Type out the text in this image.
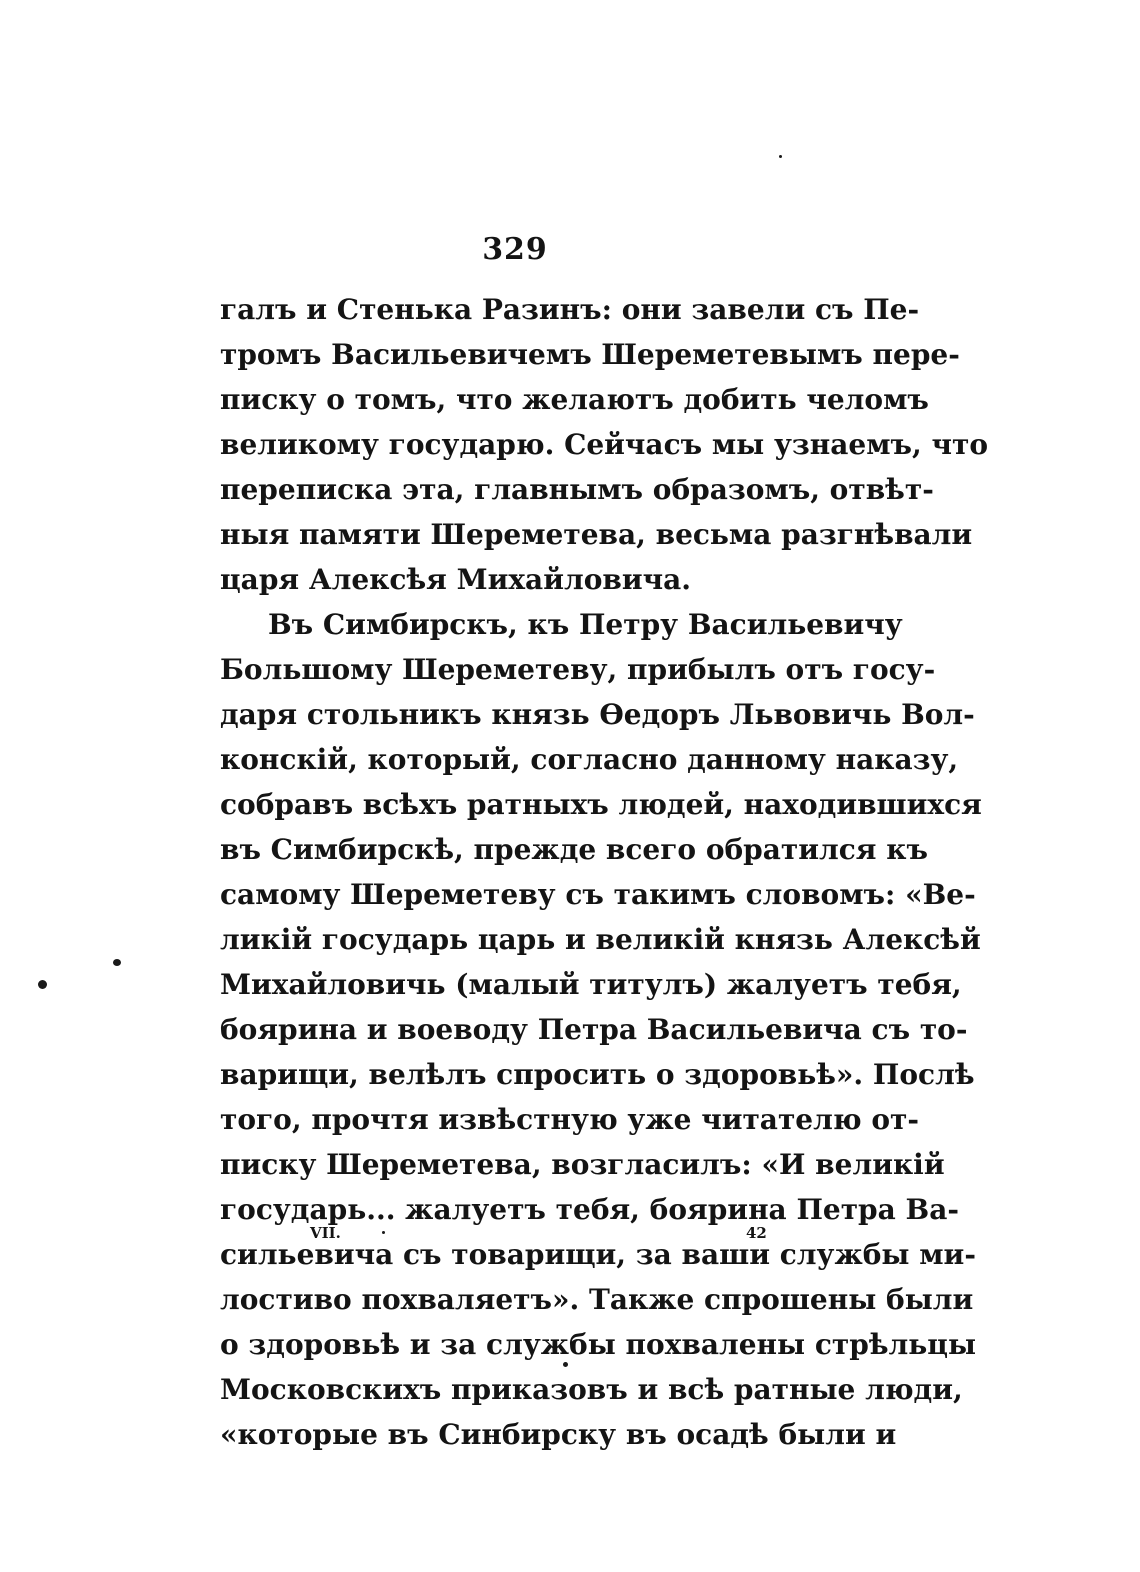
329
галъ и Стенька Разинъ: они завели съ Пе-
тромъ Васильевичемъ Шереметевымъ пере-
писку о томъ, что желаютъ добить челомъ
великому государю. Сейчасъ мы узнаемъ, что
переписка эта, главнымъ образомъ, отвѣт-
ныя памяти Шереметева, весьма разгнѣвали
царя Алексѣя Михайловича.
Въ Симбирскъ, къ Петру Васильевичу
Большому Шереметеву, прибылъ отъ госу-
даря стольникъ князь Ѳедоръ Львовичь Вол-
конскій, который, согласно данному наказу,
собравъ всѣхъ ратныхъ людей, находившихся
въ Симбирскѣ, прежде всего обратился къ
самому Шереметеву съ такимъ словомъ: «Ве-
ликій государь царь и великій князь Алексѣй
Михайловичь (малый титулъ) жалуетъ тебя,
боярина и воеводу Петра Васильевича съ то-
варищи, велѣлъ спросить о здоровьѣ». Послѣ
того, прочтя извѣстную уже читателю от-
писку Шереметева, возгласилъ: «И великій
государь... жалуетъ тебя, боярина Петра Ва-
сильевича съ товарищи, за ваши службы ми-
лостиво похваляетъ». Также спрошены были
о здоровьѣ и за службы похвалены стрѣльцы
Московскихъ приказовъ и всѣ ратные люди,
«которые въ Синбирску въ осадѣ были и
VII.	42
